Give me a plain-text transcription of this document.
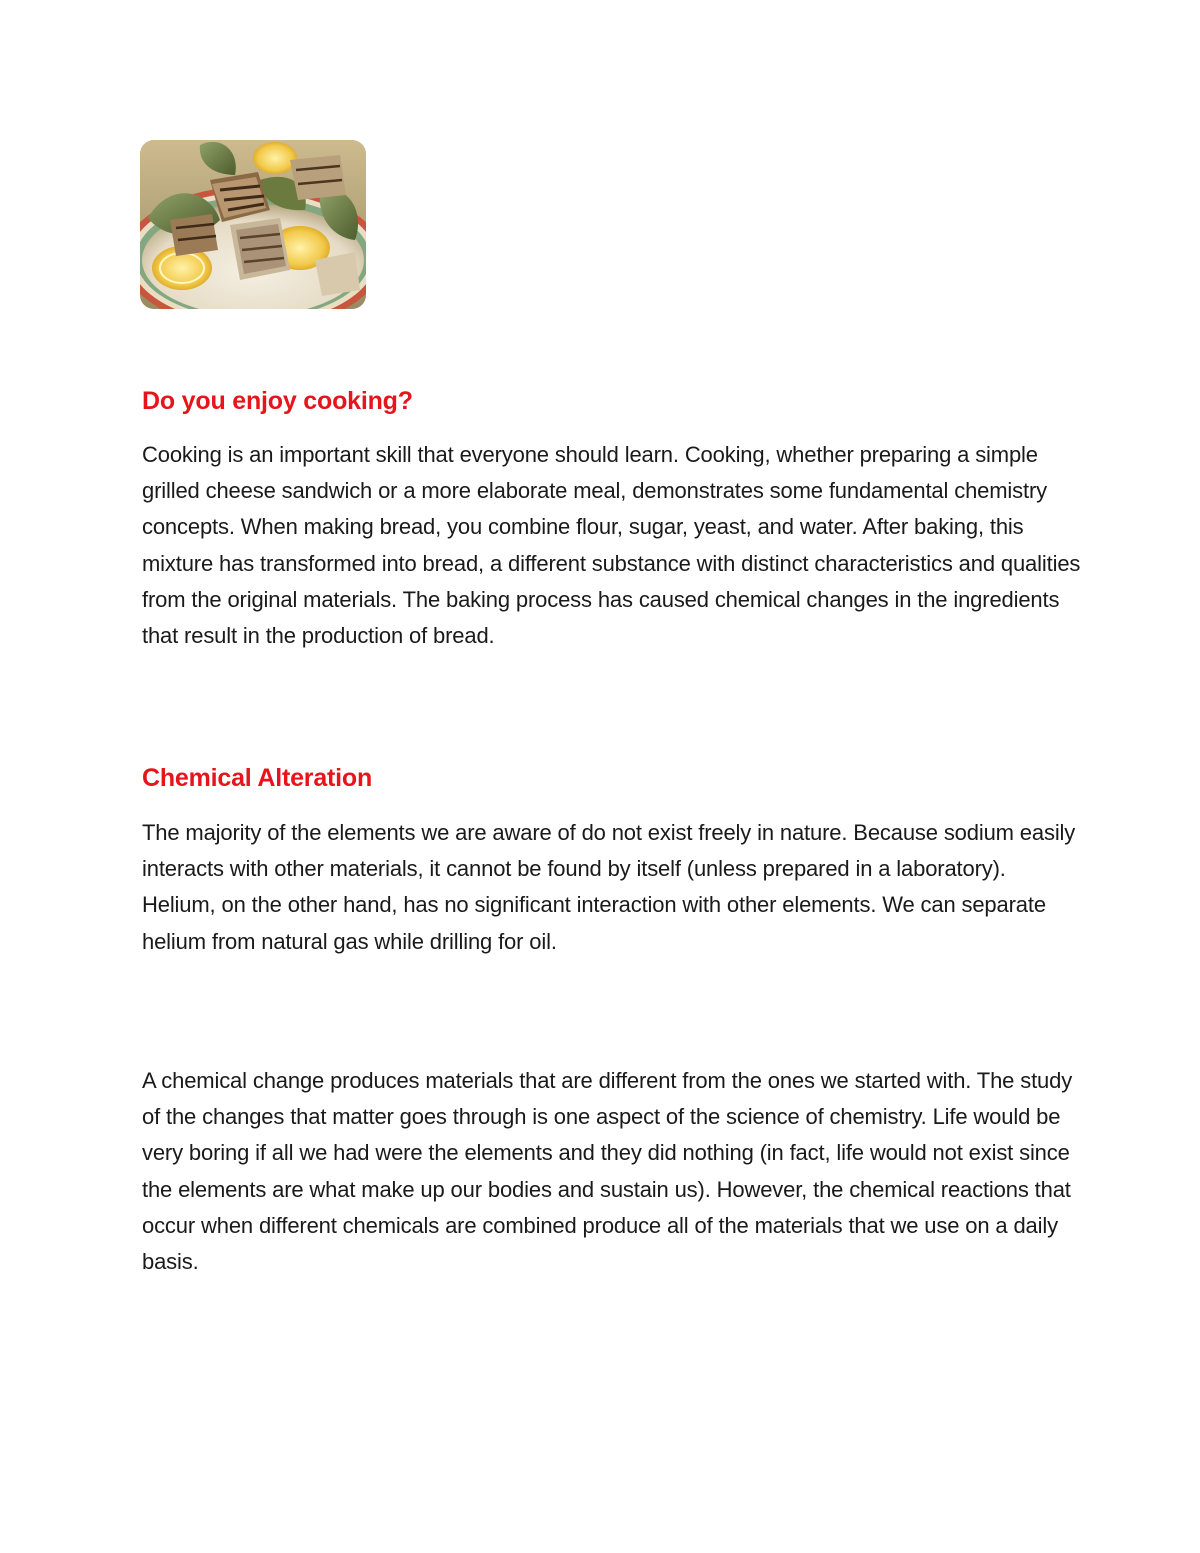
Do you enjoy cooking?

Cooking is an important skill that everyone should learn. Cooking, whether preparing a simple grilled cheese sandwich or a more elaborate meal, demonstrates some fundamental chemistry concepts. When making bread, you combine flour, sugar, yeast, and water. After baking, this mixture has transformed into bread, a different substance with distinct characteristics and qualities from the original materials. The baking process has caused chemical changes in the ingredients that result in the production of bread.

Chemical Alteration

The majority of the elements we are aware of do not exist freely in nature. Because sodium easily interacts with other materials, it cannot be found by itself (unless prepared in a laboratory). Helium, on the other hand, has no significant interaction with other elements. We can separate helium from natural gas while drilling for oil.

A chemical change produces materials that are different from the ones we started with. The study of the changes that matter goes through is one aspect of the science of chemistry. Life would be very boring if all we had were the elements and they did nothing (in fact, life would not exist since the elements are what make up our bodies and sustain us). However, the chemical reactions that occur when different chemicals are combined produce all of the materials that we use on a daily basis.
